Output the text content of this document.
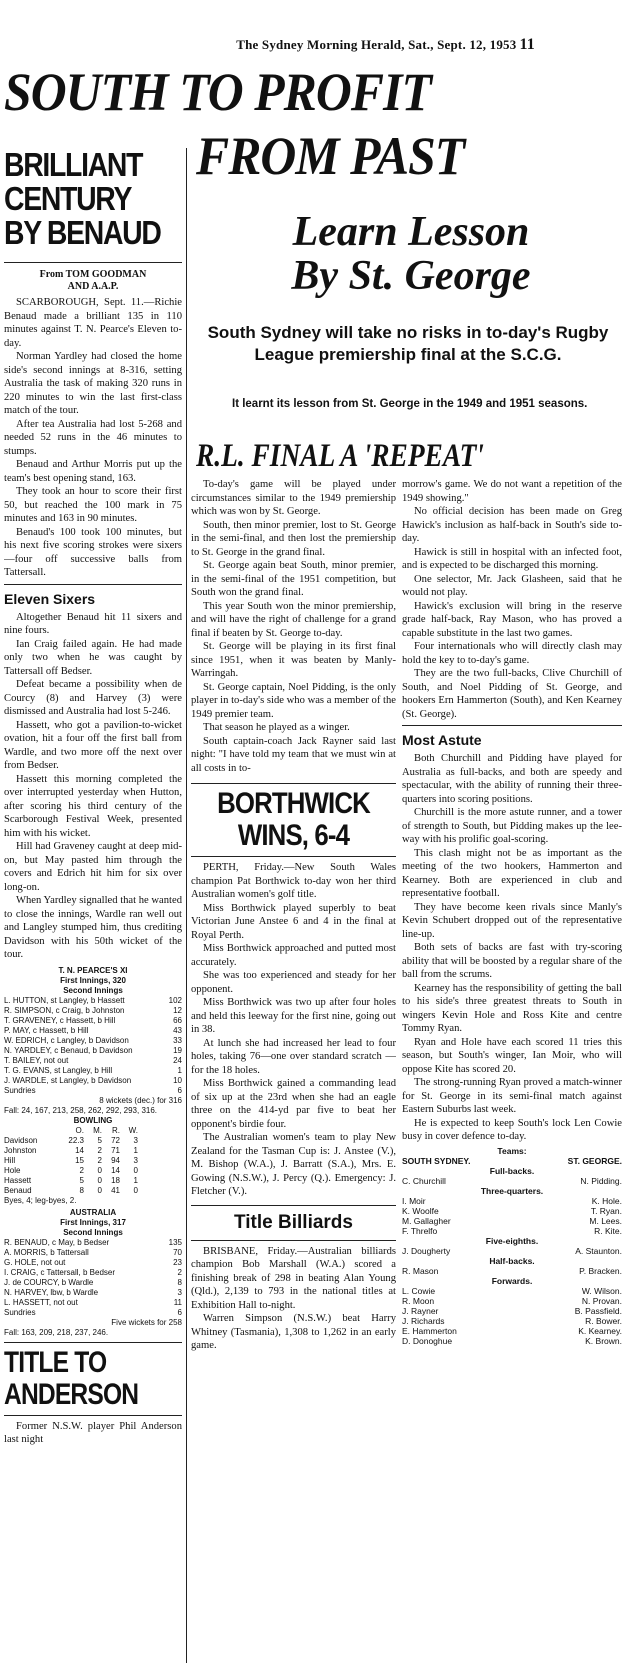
The Sydney Morning Herald, Sat., Sept. 12, 1953 11
SOUTH TO PROFIT
FROM PAST
BRILLIANT
CENTURY
BY BENAUD
From TOM GOODMAN
AND A.A.P.

SCARBOROUGH, Sept. 11.—Richie Benaud made a brilliant 135 in 110 minutes against T. N. Pearce's Eleven to-day.

Norman Yardley had closed the home side's second innings at 8-316, setting Australia the task of making 320 runs in 220 minutes to win the last first-class match of the tour.

After tea Australia had lost 5-268 and needed 52 runs in the 46 minutes to stumps.

Benaud and Arthur Morris put up the team's best opening stand, 163.

They took an hour to score their first 50, but reached the 100 mark in 75 minutes and 163 in 90 minutes.

Benaud's 100 took 100 minutes, but his next five scoring strokes were sixers—four off successive balls from Tattersall.

Eleven Sixers

Altogether Benaud hit 11 sixers and nine fours.

Ian Craig failed again. He had made only two when he was caught by Tattersall off Bedser.

Defeat became a possibility when de Courcy (8) and Harvey (3) were dismissed and Australia had lost 5-246.

Hassett, who got a pavilion-to-wicket ovation, hit a four off the first ball from Wardle, and two more off the next over from Bedser.

Hassett this morning completed the over interrupted yesterday when Hutton, after scoring his third century of the Scarborough Festival Week, presented him with his wicket.

Hill had Graveney caught at deep mid-on, but May pasted him through the covers and Edrich hit him for six over long-on.

When Yardley signalled that he wanted to close the innings, Wardle ran well out and Langley stumped him, thus crediting Davidson with his 50th wicket of the tour.

T. N. PEARCE'S XI
First Innings, 320
Second Innings
L. HUTTON, st Langley, b Hassett	102
R. SIMPSON, c Craig, b Johnston	12
T. GRAVENEY, c Hassett, b Hill	66
P. MAY, c Hassett, b Hill	43
W. EDRICH, c Langley, b Davidson	33
N. YARDLEY, c Benaud, b Davidson	19
T. BAILEY, not out	24
T. G. EVANS, st Langley, b Hill	1
J. WARDLE, st Langley, b Davidson	10
Sundries	6
8 wickets (dec.) for 316
Fall: 24, 167, 213, 258, 262, 292, 293, 316.
BOWLING
O.	M.	R.	W.
Davidson	22.3	5	72	3
Johnston	14	2	71	1
Hill	15	2	94	3
Hole	2	0	14	0
Hassett	5	0	18	1
Benaud	8	0	41	0
Byes, 4; leg-byes, 2.
AUSTRALIA
First Innings, 317
Second Innings
R. BENAUD, c May, b Bedser	135
A. MORRIS, b Tattersall	70
G. HOLE, not out	23
I. CRAIG, c Tattersall, b Bedser	2
J. de COURCY, b Wardle	8
N. HARVEY, lbw, b Wardle	3
L. HASSETT, not out	11
Sundries	6
Five wickets for 258
Fall: 163, 209, 218, 237, 246.
TITLE TO
ANDERSON

Former N.S.W. player Phil Anderson last night

Learn Lesson
By St. George
South Sydney will take no risks in to-day's Rugby League premiership final at the S.C.G.

It learnt its lesson from St. George in the 1949 and 1951 seasons.

R.L. FINAL A 'REPEAT'

To-day's game will be played under circumstances similar to the 1949 premiership which was won by St. George.

South, then minor premier, lost to St. George in the semi-final, and then lost the premiership to St. George in the grand final.

St. George again beat South, minor premier, in the semi-final of the 1951 competition, but South won the grand final.

This year South won the minor premiership, and will have the right of challenge for a grand final if beaten by St. George to-day.

St. George will be playing in its first final since 1951, when it was beaten by Manly-Warringah.

St. George captain, Noel Pidding, is the only player in to-day's side who was a member of the 1949 premier team.

That season he played as a winger.

South captain-coach Jack Rayner said last night: "I have told my team that we must win at all costs in to-

BORTHWICK
WINS, 6-4

PERTH, Friday.—New South Wales champion Pat Borthwick to-day won her third Australian women's golf title.

Miss Borthwick played superbly to beat Victorian June Anstee 6 and 4 in the final at Royal Perth.

Miss Borthwick approached and putted most accurately.

She was too experienced and steady for her opponent.

Miss Borthwick was two up after four holes and held this leeway for the first nine, going out in 38.

At lunch she had increased her lead to four holes, taking 76—one over standard scratch —for the 18 holes.

Miss Borthwick gained a commanding lead of six up at the 23rd when she had an eagle three on the 414-yd par five to beat her opponent's birdie four.

The Australian women's team to play New Zealand for the Tasman Cup is: J. Anstee (V.), M. Bishop (W.A.), J. Barratt (S.A.), Mrs. E. Gowing (N.S.W.), J. Percy (Q.). Emergency: J. Fletcher (V.).

Title Billiards

BRISBANE, Friday.—Australian billiards champion Bob Marshall (W.A.) scored a finishing break of 298 in beating Alan Young (Qld.), 2,139 to 793 in the national titles at Exhibition Hall to-night.

Warren Simpson (N.S.W.) beat Harry Whitney (Tasmania), 1,308 to 1,262 in an early game.

morrow's game. We do not want a repetition of the 1949 showing."

No official decision has been made on Greg Hawick's inclusion as half-back in South's side to-day.

Hawick is still in hospital with an infected foot, and is expected to be discharged this morning.

One selector, Mr. Jack Glasheen, said that he would not play.

Hawick's exclusion will bring in the reserve grade half-back, Ray Mason, who has proved a capable substitute in the last two games.

Four internationals who will directly clash may hold the key to to-day's game.

They are the two full-backs, Clive Churchill of South, and Noel Pidding of St. George, and hookers Ern Hammerton (South), and Ken Kearney (St. George).

Most Astute

Both Churchill and Pidding have played for Australia as full-backs, and both are speedy and spectacular, with the ability of running their three-quarters into scoring positions.

Churchill is the more astute runner, and a tower of strength to South, but Pidding makes up the lee-way with his prolific goal-scoring.

This clash might not be as important as the meeting of the two hookers, Hammerton and Kearney. Both are experienced in club and representative football.

They have become keen rivals since Manly's Kevin Schubert dropped out of the representative line-up.

Both sets of backs are fast with try-scoring ability that will be boosted by a regular share of the ball from the scrums.

Kearney has the responsibility of getting the ball to his side's three greatest threats to South in wingers Kevin Hole and Ross Kite and centre Tommy Ryan.

Ryan and Hole have each scored 11 tries this season, but South's winger, Ian Moir, who will oppose Kite has scored 20.

The strong-running Ryan proved a match-winner for St. George in its semi-final match against Eastern Suburbs last week.

He is expected to keep South's lock Len Cowie busy in cover defence to-day.

Teams:
SOUTH SYDNEY.	ST. GEORGE.
Full-backs.
C. Churchill	N. Pidding.
Three-quarters.
I. Moir	K. Hole.
K. Woolfe	T. Ryan.
M. Gallagher	M. Lees.
F. Threlfo	R. Kite.
Five-eighths.
J. Dougherty	A. Staunton.
Half-backs.
R. Mason	P. Bracken.
Forwards.
L. Cowie	W. Wilson.
R. Moon	N. Provan.
J. Rayner	B. Passfield.
J. Richards	R. Bower.
E. Hammerton	K. Kearney.
D. Donoghue	K. Brown.
